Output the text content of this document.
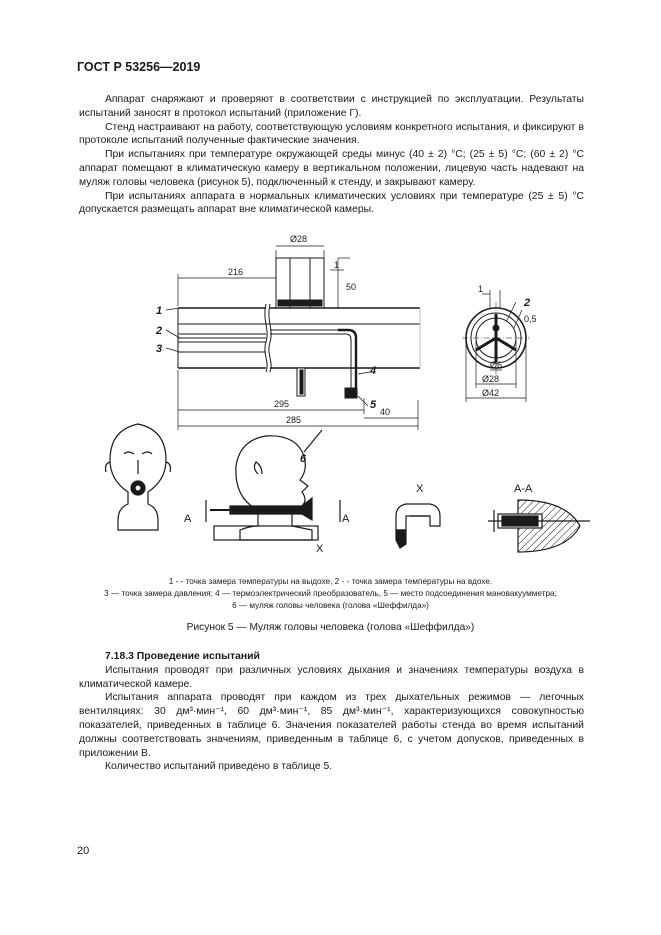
ГОСТ Р 53256—2019

Аппарат снаряжают и проверяют в соответствии с инструкцией по эксплуатации. Результаты испытаний заносят в протокол испытаний (приложение Г).

Стенд настраивают на работу, соответствующую условиям конкретного испытания, и фиксируют в протоколе испытаний полученные фактические значения.

При испытаниях при температуре окружающей среды минус (40 ± 2) °С; (25 ± 5) °С; (60 ± 2) °С аппарат помещают в климатическую камеру в вертикальном положении, лицевую часть надевают на муляж головы человека (рисунок 5), подключенный к стенду, и закрывают камеру.

При испытаниях аппарата в нормальных климатических условиях при температуре (25 ± 5) °С допускается размещать аппарат вне климатической камеры.

Ø28
216
1
50
295
285
40
1
2
3
4
5
1
0,5
Ø6
Ø28
Ø42
2
А	А
X
X	А-А
6
1 - - точка замера температуры на выдохе, 2 - - точка замера температуры на вдохе.
3 — точка замера давления; 4 — термоэлектрический преобразователь, 5 — место подсоединения мановакуумметра;
6 — муляж головы человека (голова «Шеффилда»)
Рисунок 5 — Муляж головы человека (голова «Шеффилда»)

7.18.3 Проведение испытаний

Испытания проводят при различных условиях дыхания и значениях температуры воздуха в климатической камере.

Испытания аппарата проводят при каждом из трех дыхательных режимов — легочных вентиляциях: 30 дм³·мин⁻¹, 60 дм³·мин⁻¹, 85 дм³·мин⁻¹, характеризующихся совокупностью показателей, приведенных в таблице 6. Значения показателей работы стенда во время испытаний должны соответствовать значениям, приведенным в таблице 6, с учетом допусков, приведенных в приложении В.

Количество испытаний приведено в таблице 5.

20
